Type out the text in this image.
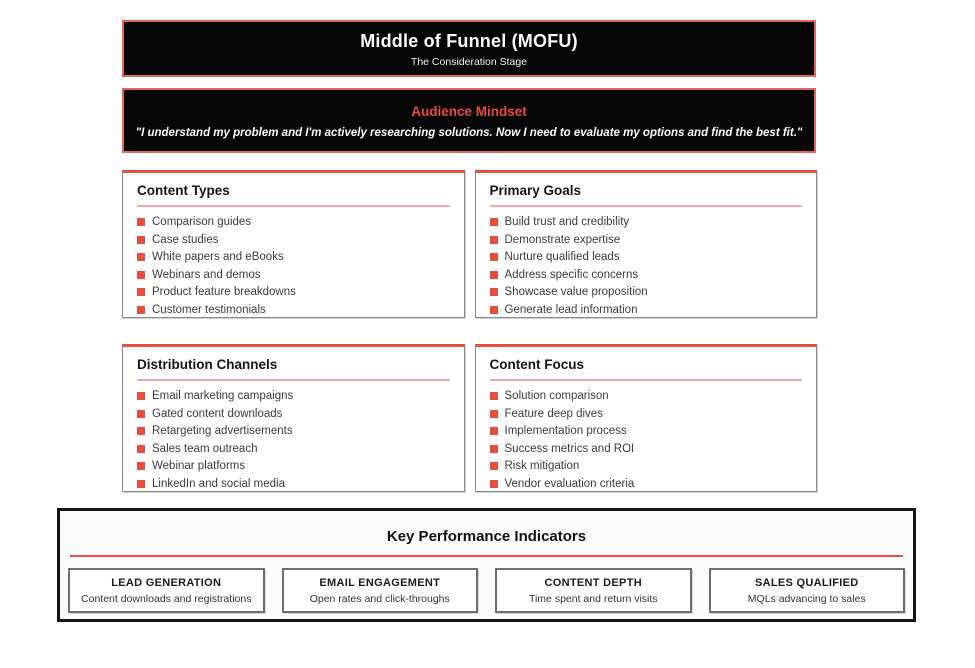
Middle of Funnel (MOFU)
The Consideration Stage
Audience Mindset
"I understand my problem and I'm actively researching solutions. Now I need to evaluate my options and find the best fit."
Content Types
Comparison guides
Case studies
White papers and eBooks
Webinars and demos
Product feature breakdowns
Customer testimonials
Primary Goals
Build trust and credibility
Demonstrate expertise
Nurture qualified leads
Address specific concerns
Showcase value proposition
Generate lead information
Distribution Channels
Email marketing campaigns
Gated content downloads
Retargeting advertisements
Sales team outreach
Webinar platforms
LinkedIn and social media
Content Focus
Solution comparison
Feature deep dives
Implementation process
Success metrics and ROI
Risk mitigation
Vendor evaluation criteria
Key Performance Indicators
LEAD GENERATION
Content downloads and registrations
EMAIL ENGAGEMENT
Open rates and click-throughs
CONTENT DEPTH
Time spent and return visits
SALES QUALIFIED
MQLs advancing to sales
